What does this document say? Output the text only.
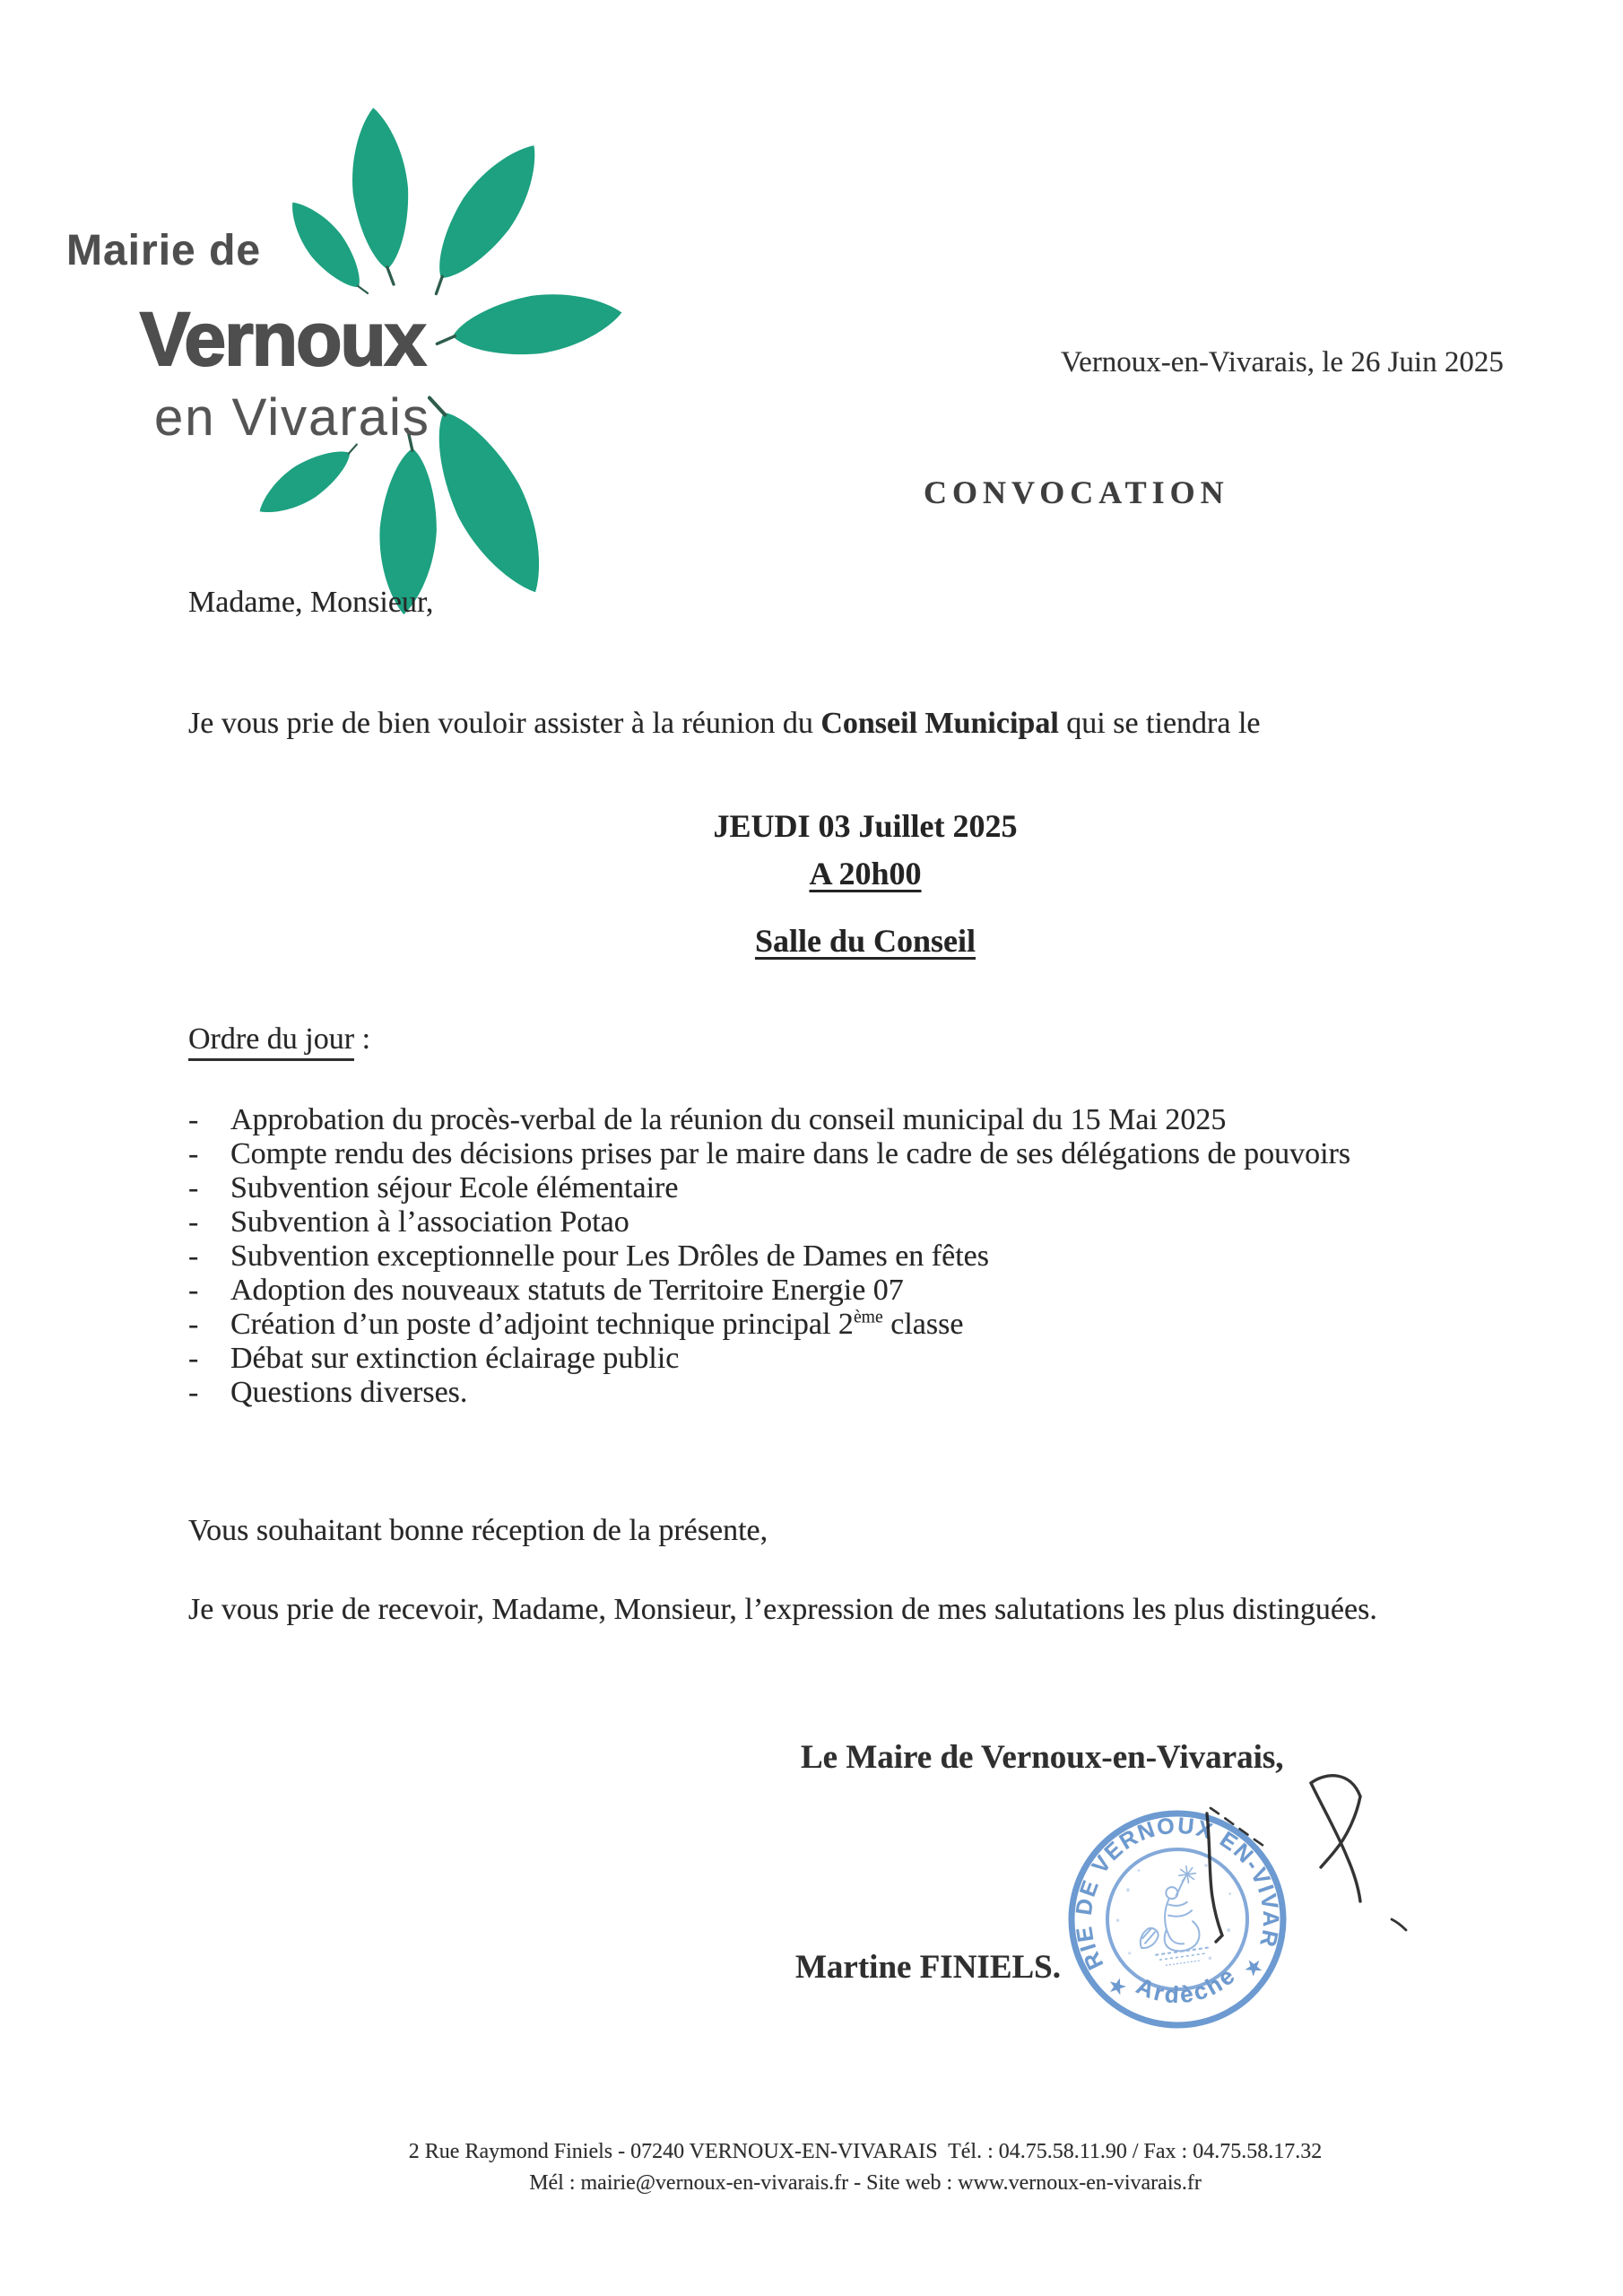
Mairie de
Vernoux
en Vivarais
Vernoux-en-Vivarais, le 26 Juin 2025
CONVOCATION
Madame, Monsieur,
Je vous prie de bien vouloir assister à la réunion du Conseil Municipal qui se tiendra le
JEUDI 03 Juillet 2025
A 20h00
Salle du Conseil
Ordre du jour :
-	Approbation du procès-verbal de la réunion du conseil municipal du 15 Mai 2025
-	Compte rendu des décisions prises par le maire dans le cadre de ses délégations de pouvoirs
-	Subvention séjour Ecole élémentaire
-	Subvention à l’association Potao
-	Subvention exceptionnelle pour Les Drôles de Dames en fêtes
-	Adoption des nouveaux statuts de Territoire Energie 07
-	Création d’un poste d’adjoint technique principal 2ème classe
-	Débat sur extinction éclairage public
-	Questions diverses.
Vous souhaitant bonne réception de la présente,
Je vous prie de recevoir, Madame, Monsieur, l’expression de mes salutations les plus distinguées.
Le Maire de Vernoux-en-Vivarais,
Martine FINIELS.
MAIRIE DE VERNOUX EN-VIVARAIS
Ardèche
★
★
2 Rue Raymond Finiels - 07240 VERNOUX-EN-VIVARAIS  Tél. : 04.75.58.11.90 / Fax : 04.75.58.17.32
Mél : mairie@vernoux-en-vivarais.fr - Site web : www.vernoux-en-vivarais.fr
